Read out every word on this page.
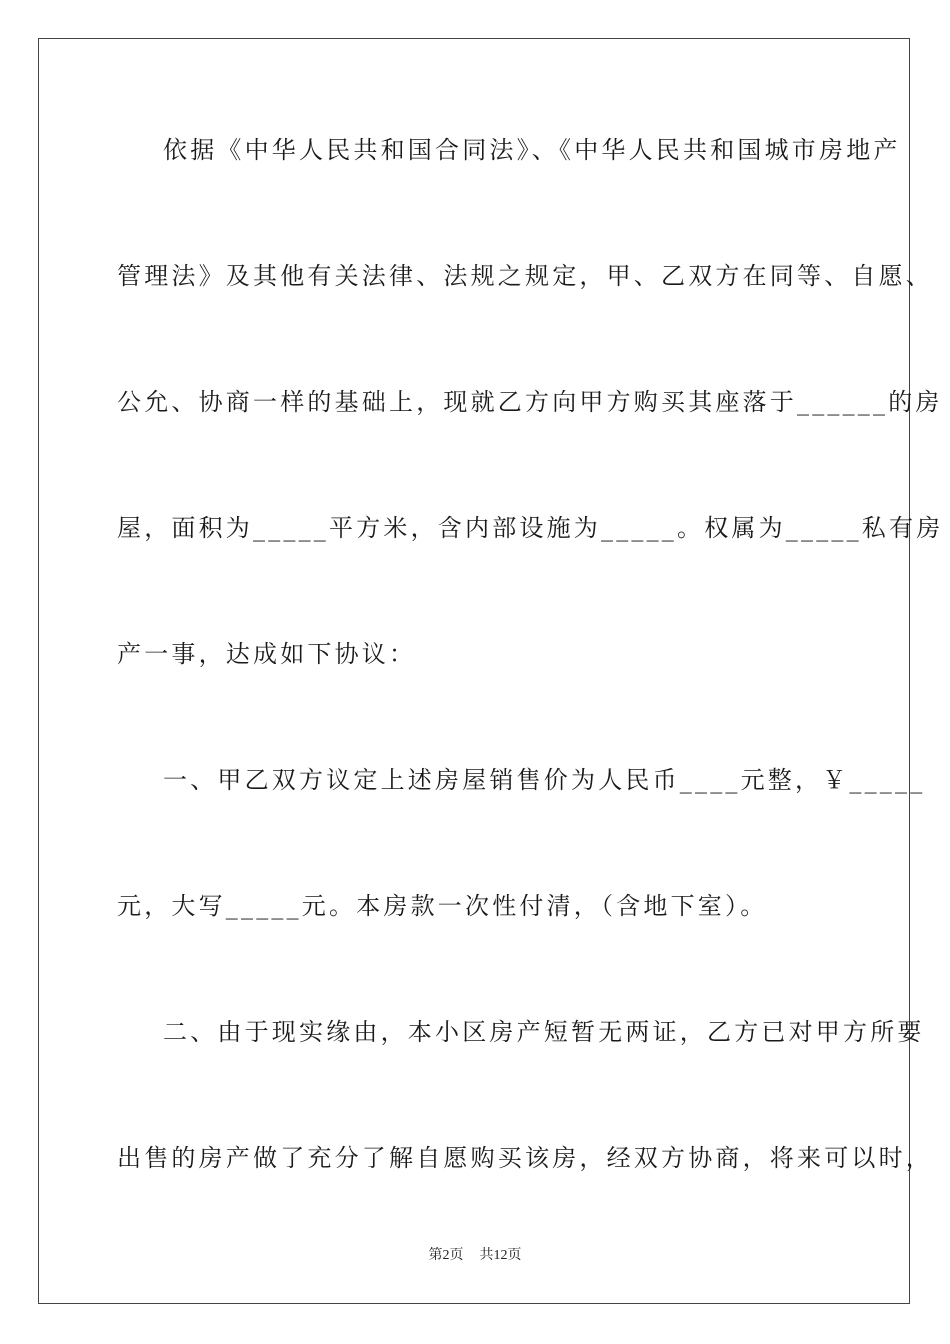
依据《中华人民共和国合同法》、《中华人民共和国城市房地产
管理法》及其他有关法律、法规之规定，甲、乙双方在同等、自愿、
公允、协商一样的基础上，现就乙方向甲方购买其座落于______的房
屋，面积为_____平方米，含内部设施为_____。权属为_____私有房
产一事，达成如下协议：
一、甲乙双方议定上述房屋销售价为人民币____元整，￥_____
元，大写_____元。本房款一次性付清，（含地下室）。
二、由于现实缘由，本小区房产短暂无两证，乙方已对甲方所要
出售的房产做了充分了解自愿购买该房，经双方协商，将来可以时，
第2页 共12页
